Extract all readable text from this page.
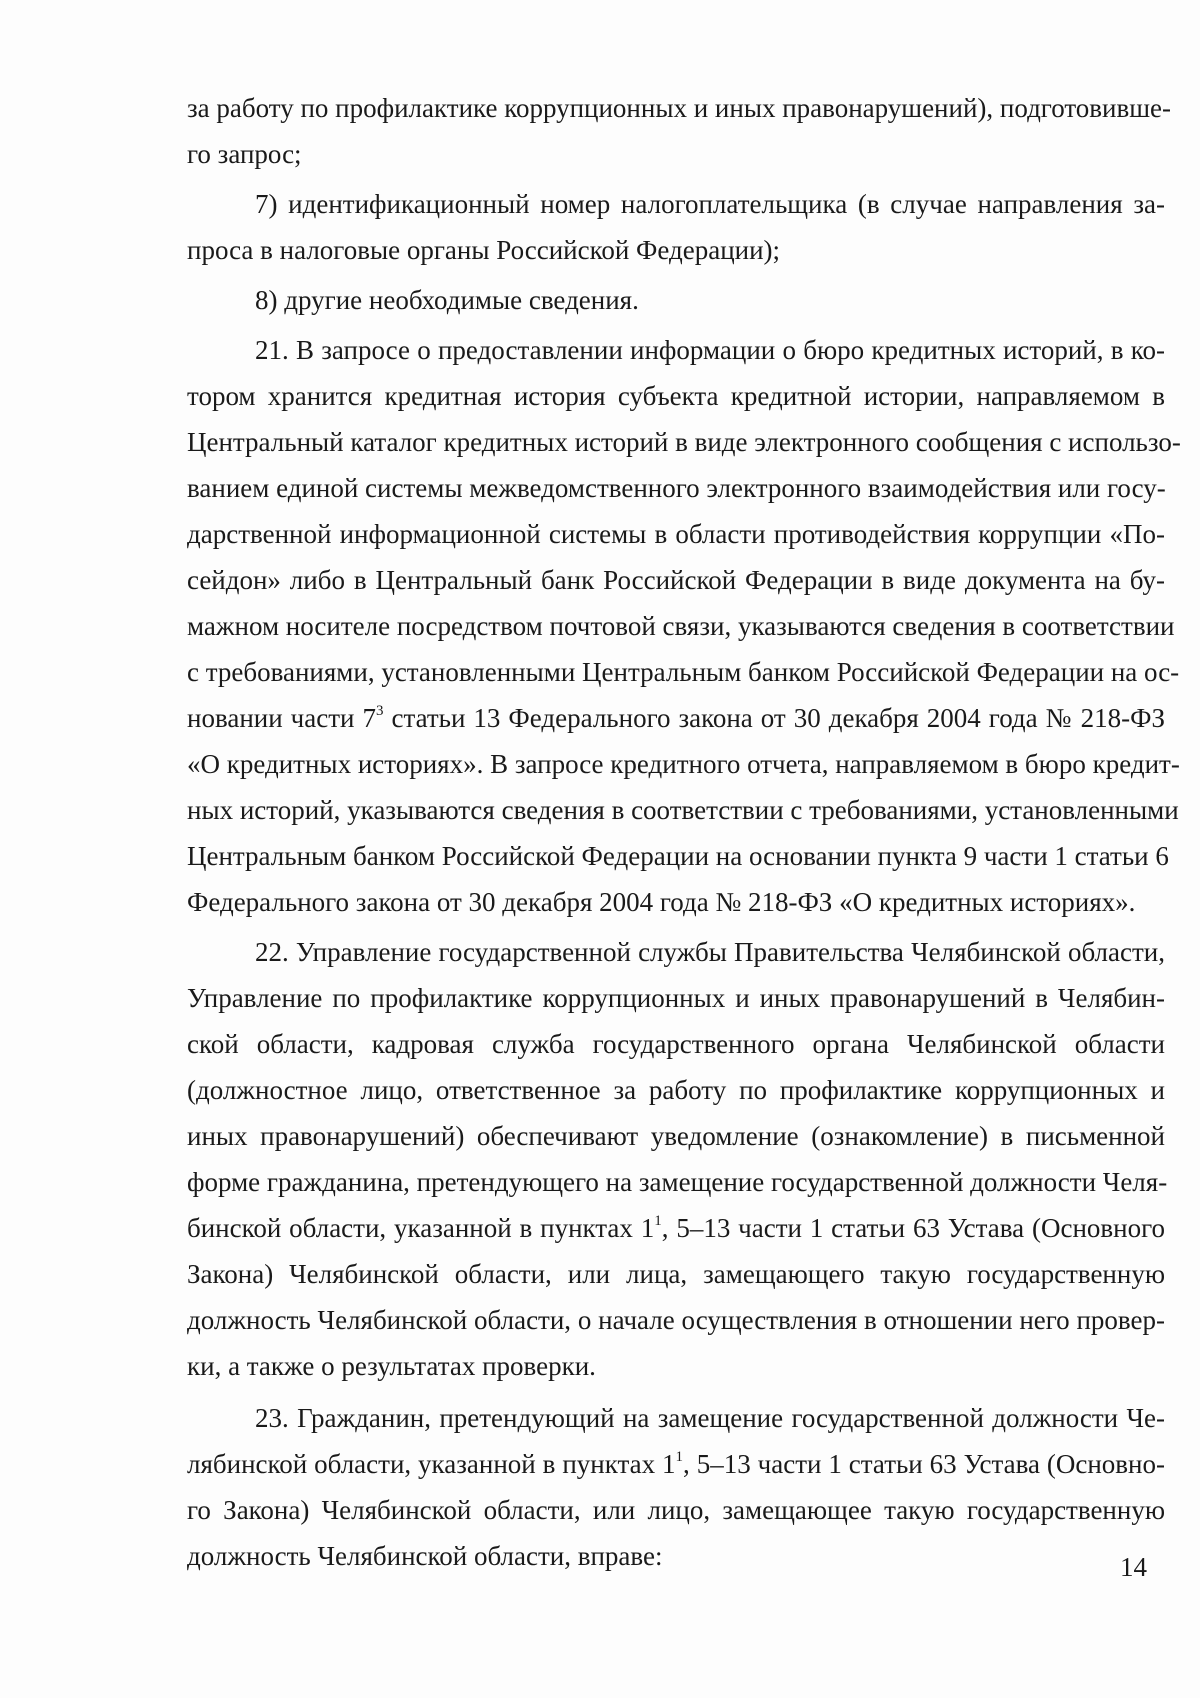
за работу по профилактике коррупционных и иных правонарушений), подготовивше-
го запрос;
7) идентификационный номер налогоплательщика (в случае направления за-
проса в налоговые органы Российской Федерации);
8) другие необходимые сведения.
21. В запросе о предоставлении информации о бюро кредитных историй, в ко-
тором хранится кредитная история субъекта кредитной истории, направляемом в
Центральный каталог кредитных историй в виде электронного сообщения с использо-
ванием единой системы межведомственного электронного взаимодействия или госу-
дарственной информационной системы в области противодействия коррупции «По-
сейдон» либо в Центральный банк Российской Федерации в виде документа на бу-
мажном носителе посредством почтовой связи, указываются сведения в соответствии
с требованиями, установленными Центральным банком Российской Федерации на ос-
новании части $7^3$ статьи 13 Федерального закона от 30 декабря 2004 года № 218-ФЗ
«О кредитных историях». В запросе кредитного отчета, направляемом в бюро кредит-
ных историй, указываются сведения в соответствии с требованиями, установленными
Центральным банком Российской Федерации на основании пункта 9 части 1 статьи 6
Федерального закона от 30 декабря 2004 года № 218-ФЗ «О кредитных историях».
22. Управление государственной службы Правительства Челябинской области,
Управление по профилактике коррупционных и иных правонарушений в Челябин-
ской области, кадровая служба государственного органа Челябинской области
(должностное лицо, ответственное за работу по профилактике коррупционных и
иных правонарушений) обеспечивают уведомление (ознакомление) в письменной
форме гражданина, претендующего на замещение государственной должности Челя-
бинской области, указанной в пунктах $1^1$, 5–13 части 1 статьи 63 Устава (Основного
Закона) Челябинской области, или лица, замещающего такую государственную
должность Челябинской области, о начале осуществления в отношении него провер-
ки, а также о результатах проверки.
23. Гражданин, претендующий на замещение государственной должности Че-
лябинской области, указанной в пунктах $1^1$, 5–13 части 1 статьи 63 Устава (Основно-
го Закона) Челябинской области, или лицо, замещающее такую государственную
должность Челябинской области, вправе:	14
